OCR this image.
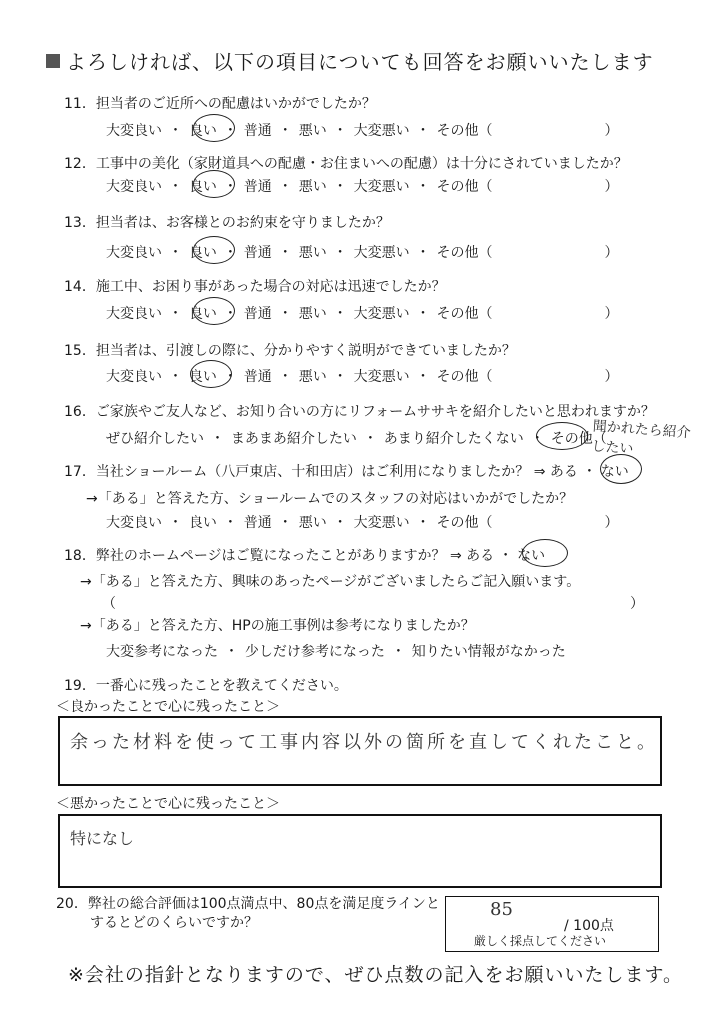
よろしければ、以下の項目についても回答をお願いいたします
11．担当者のご近所への配慮はいかがでしたか？
大変良い ・ 良い ・ 普通 ・ 悪い ・ 大変悪い ・ その他（　　　　　　　　）
12．工事中の美化（家財道具への配慮・お住まいへの配慮）は十分にされていましたか？
大変良い ・ 良い ・ 普通 ・ 悪い ・ 大変悪い ・ その他（　　　　　　　　）
13．担当者は、お客様とのお約束を守りましたか？
大変良い ・ 良い ・ 普通 ・ 悪い ・ 大変悪い ・ その他（　　　　　　　　）
14．施工中、お困り事があった場合の対応は迅速でしたか？
大変良い ・ 良い ・ 普通 ・ 悪い ・ 大変悪い ・ その他（　　　　　　　　）
15．担当者は、引渡しの際に、分かりやすく説明ができていましたか？
大変良い ・ 良い ・ 普通 ・ 悪い ・ 大変悪い ・ その他（　　　　　　　　）
16．ご家族やご友人など、お知り合いの方にリフォームササキを紹介したいと思われますか？
ぜひ紹介したい ・ まあまあ紹介したい ・ あまり紹介したくない ・ その他（
聞かれたら紹介したい
17．当社ショールーム（八戸東店、十和田店）はご利用になりましたか？ ⇒ ある ・ ない
→「ある」と答えた方、ショールームでのスタッフの対応はいかがでしたか？
大変良い ・ 良い ・ 普通 ・ 悪い ・ 大変悪い ・ その他（　　　　　　　　）
18．弊社のホームページはご覧になったことがありますか？ ⇒ ある ・ ない
→「ある」と答えた方、興味のあったページがございましたらご記入願います。
（	）
→「ある」と答えた方、HPの施工事例は参考になりましたか？
大変参考になった ・ 少しだけ参考になった ・ 知りたい情報がなかった
19．一番心に残ったことを教えてください。
＜良かったことで心に残ったこと＞
余った材料を使って工事内容以外の箇所を直してくれたこと。
＜悪かったことで心に残ったこと＞
特になし
20．弊社の総合評価は100点満点中、80点を満足度ラインと
するとどのくらいですか？
85
/ 100点
厳しく採点してください
※会社の指針となりますので、ぜひ点数の記入をお願いいたします。
